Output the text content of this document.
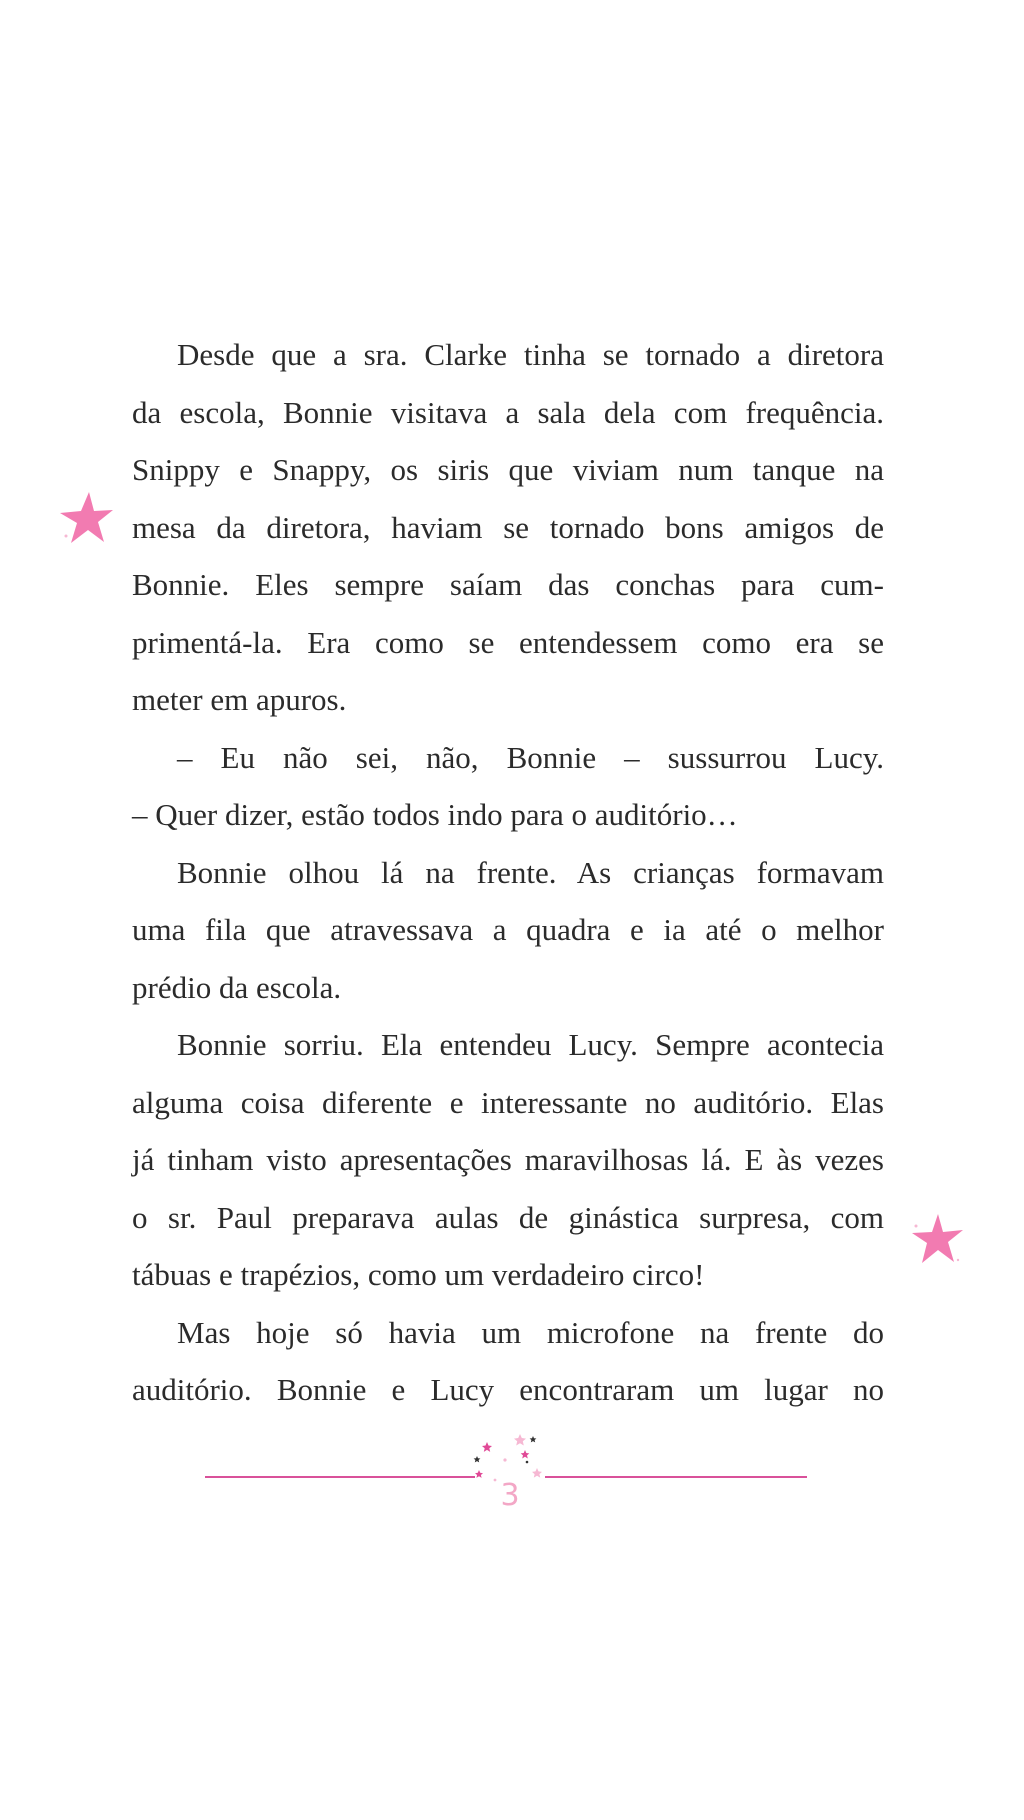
Desde que a sra. Clarke tinha se tornado a diretora
da escola, Bonnie visitava a sala dela com frequência.
Snippy e Snappy, os siris que viviam num tanque na
mesa da diretora, haviam se tornado bons amigos de
Bonnie. Eles sempre saíam das conchas para cum-
primentá-la. Era como se entendessem como era se
meter em apuros.
– Eu não sei, não, Bonnie – sussurrou Lucy.
– Quer dizer, estão todos indo para o auditório…
Bonnie olhou lá na frente. As crianças formavam
uma fila que atravessava a quadra e ia até o melhor
prédio da escola.
Bonnie sorriu. Ela entendeu Lucy. Sempre acontecia
alguma coisa diferente e interessante no auditório. Elas
já tinham visto apresentações maravilhosas lá. E às vezes
o sr. Paul preparava aulas de ginástica surpresa, com
tábuas e trapézios, como um verdadeiro circo!
Mas hoje só havia um microfone na frente do
auditório. Bonnie e Lucy encontraram um lugar no
3
